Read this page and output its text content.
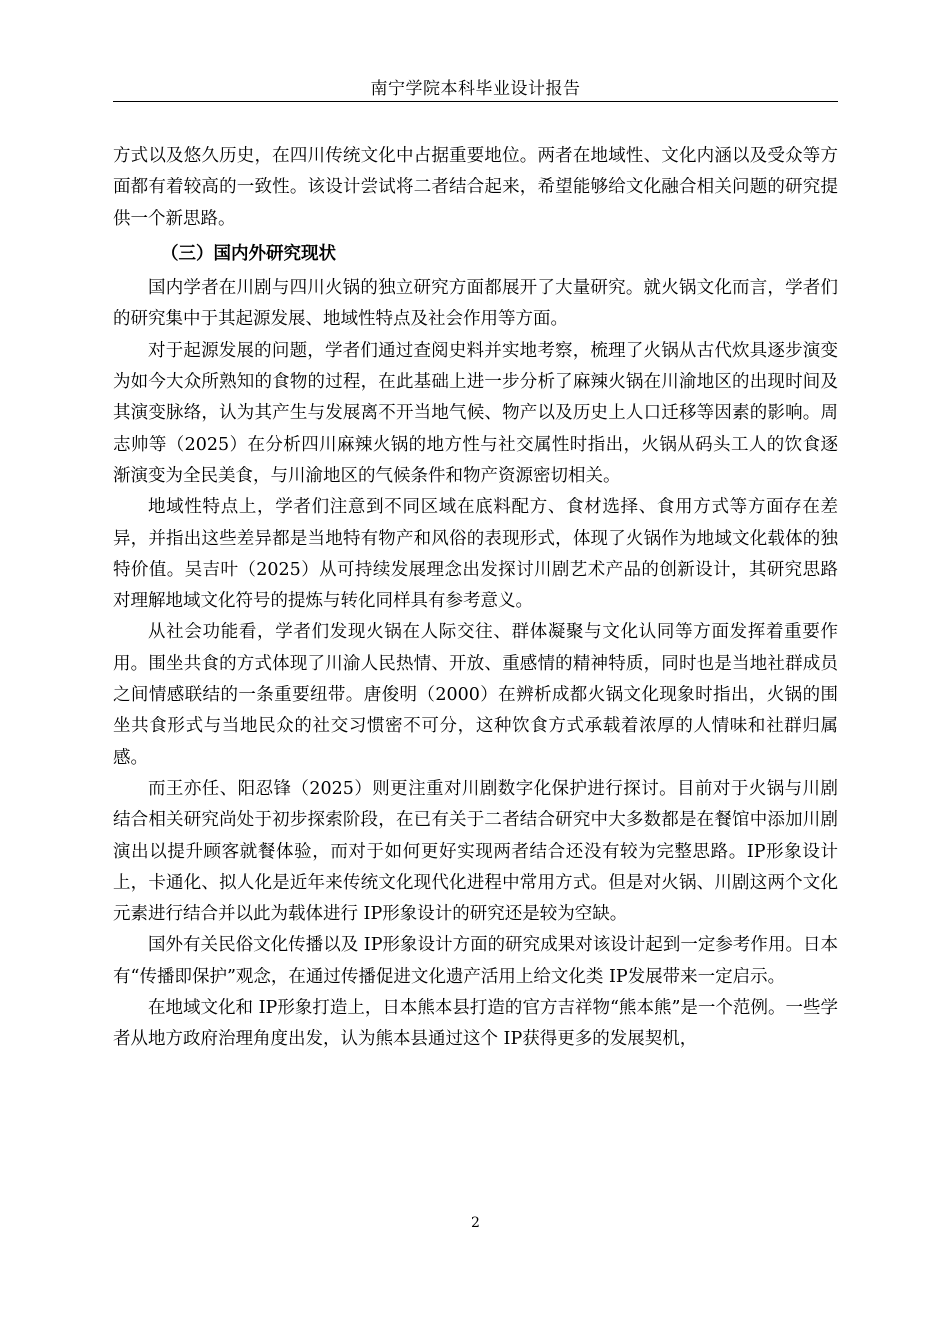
南宁学院本科毕业设计报告

方式以及悠久历史，在四川传统文化中占据重要地位。两者在地域性、文化内涵以及受众等方面都有着较高的一致性。该设计尝试将二者结合起来，希望能够给文化融合相关问题的研究提供一个新思路。

（三）国内外研究现状

国内学者在川剧与四川火锅的独立研究方面都展开了大量研究。就火锅文化而言，学者们的研究集中于其起源发展、地域性特点及社会作用等方面。

对于起源发展的问题，学者们通过查阅史料并实地考察，梳理了火锅从古代炊具逐步演变为如今大众所熟知的食物的过程，在此基础上进一步分析了麻辣火锅在川渝地区的出现时间及其演变脉络，认为其产生与发展离不开当地气候、物产以及历史上人口迁移等因素的影响。周志帅等（2025）在分析四川麻辣火锅的地方性与社交属性时指出，火锅从码头工人的饮食逐渐演变为全民美食，与川渝地区的气候条件和物产资源密切相关。

地域性特点上，学者们注意到不同区域在底料配方、食材选择、食用方式等方面存在差异，并指出这些差异都是当地特有物产和风俗的表现形式，体现了火锅作为地域文化载体的独特价值。吴吉叶（2025）从可持续发展理念出发探讨川剧艺术产品的创新设计，其研究思路对理解地域文化符号的提炼与转化同样具有参考意义。

从社会功能看，学者们发现火锅在人际交往、群体凝聚与文化认同等方面发挥着重要作用。围坐共食的方式体现了川渝人民热情、开放、重感情的精神特质，同时也是当地社群成员之间情感联结的一条重要纽带。唐俊明（2000）在辨析成都火锅文化现象时指出，火锅的围坐共食形式与当地民众的社交习惯密不可分，这种饮食方式承载着浓厚的人情味和社群归属感。

而王亦任、阳忍锋（2025）则更注重对川剧数字化保护进行探讨。目前对于火锅与川剧结合相关研究尚处于初步探索阶段，在已有关于二者结合研究中大多数都是在餐馆中添加川剧演出以提升顾客就餐体验，而对于如何更好实现两者结合还没有较为完整思路。IP形象设计上，卡通化、拟人化是近年来传统文化现代化进程中常用方式。但是对火锅、川剧这两个文化元素进行结合并以此为载体进行 IP形象设计的研究还是较为空缺。

国外有关民俗文化传播以及 IP形象设计方面的研究成果对该设计起到一定参考作用。日本有“传播即保护”观念，在通过传播促进文化遗产活用上给文化类 IP发展带来一定启示。

在地域文化和 IP形象打造上，日本熊本县打造的官方吉祥物“熊本熊”是一个范例。一些学者从地方政府治理角度出发，认为熊本县通过这个 IP获得更多的发展契机，

2
